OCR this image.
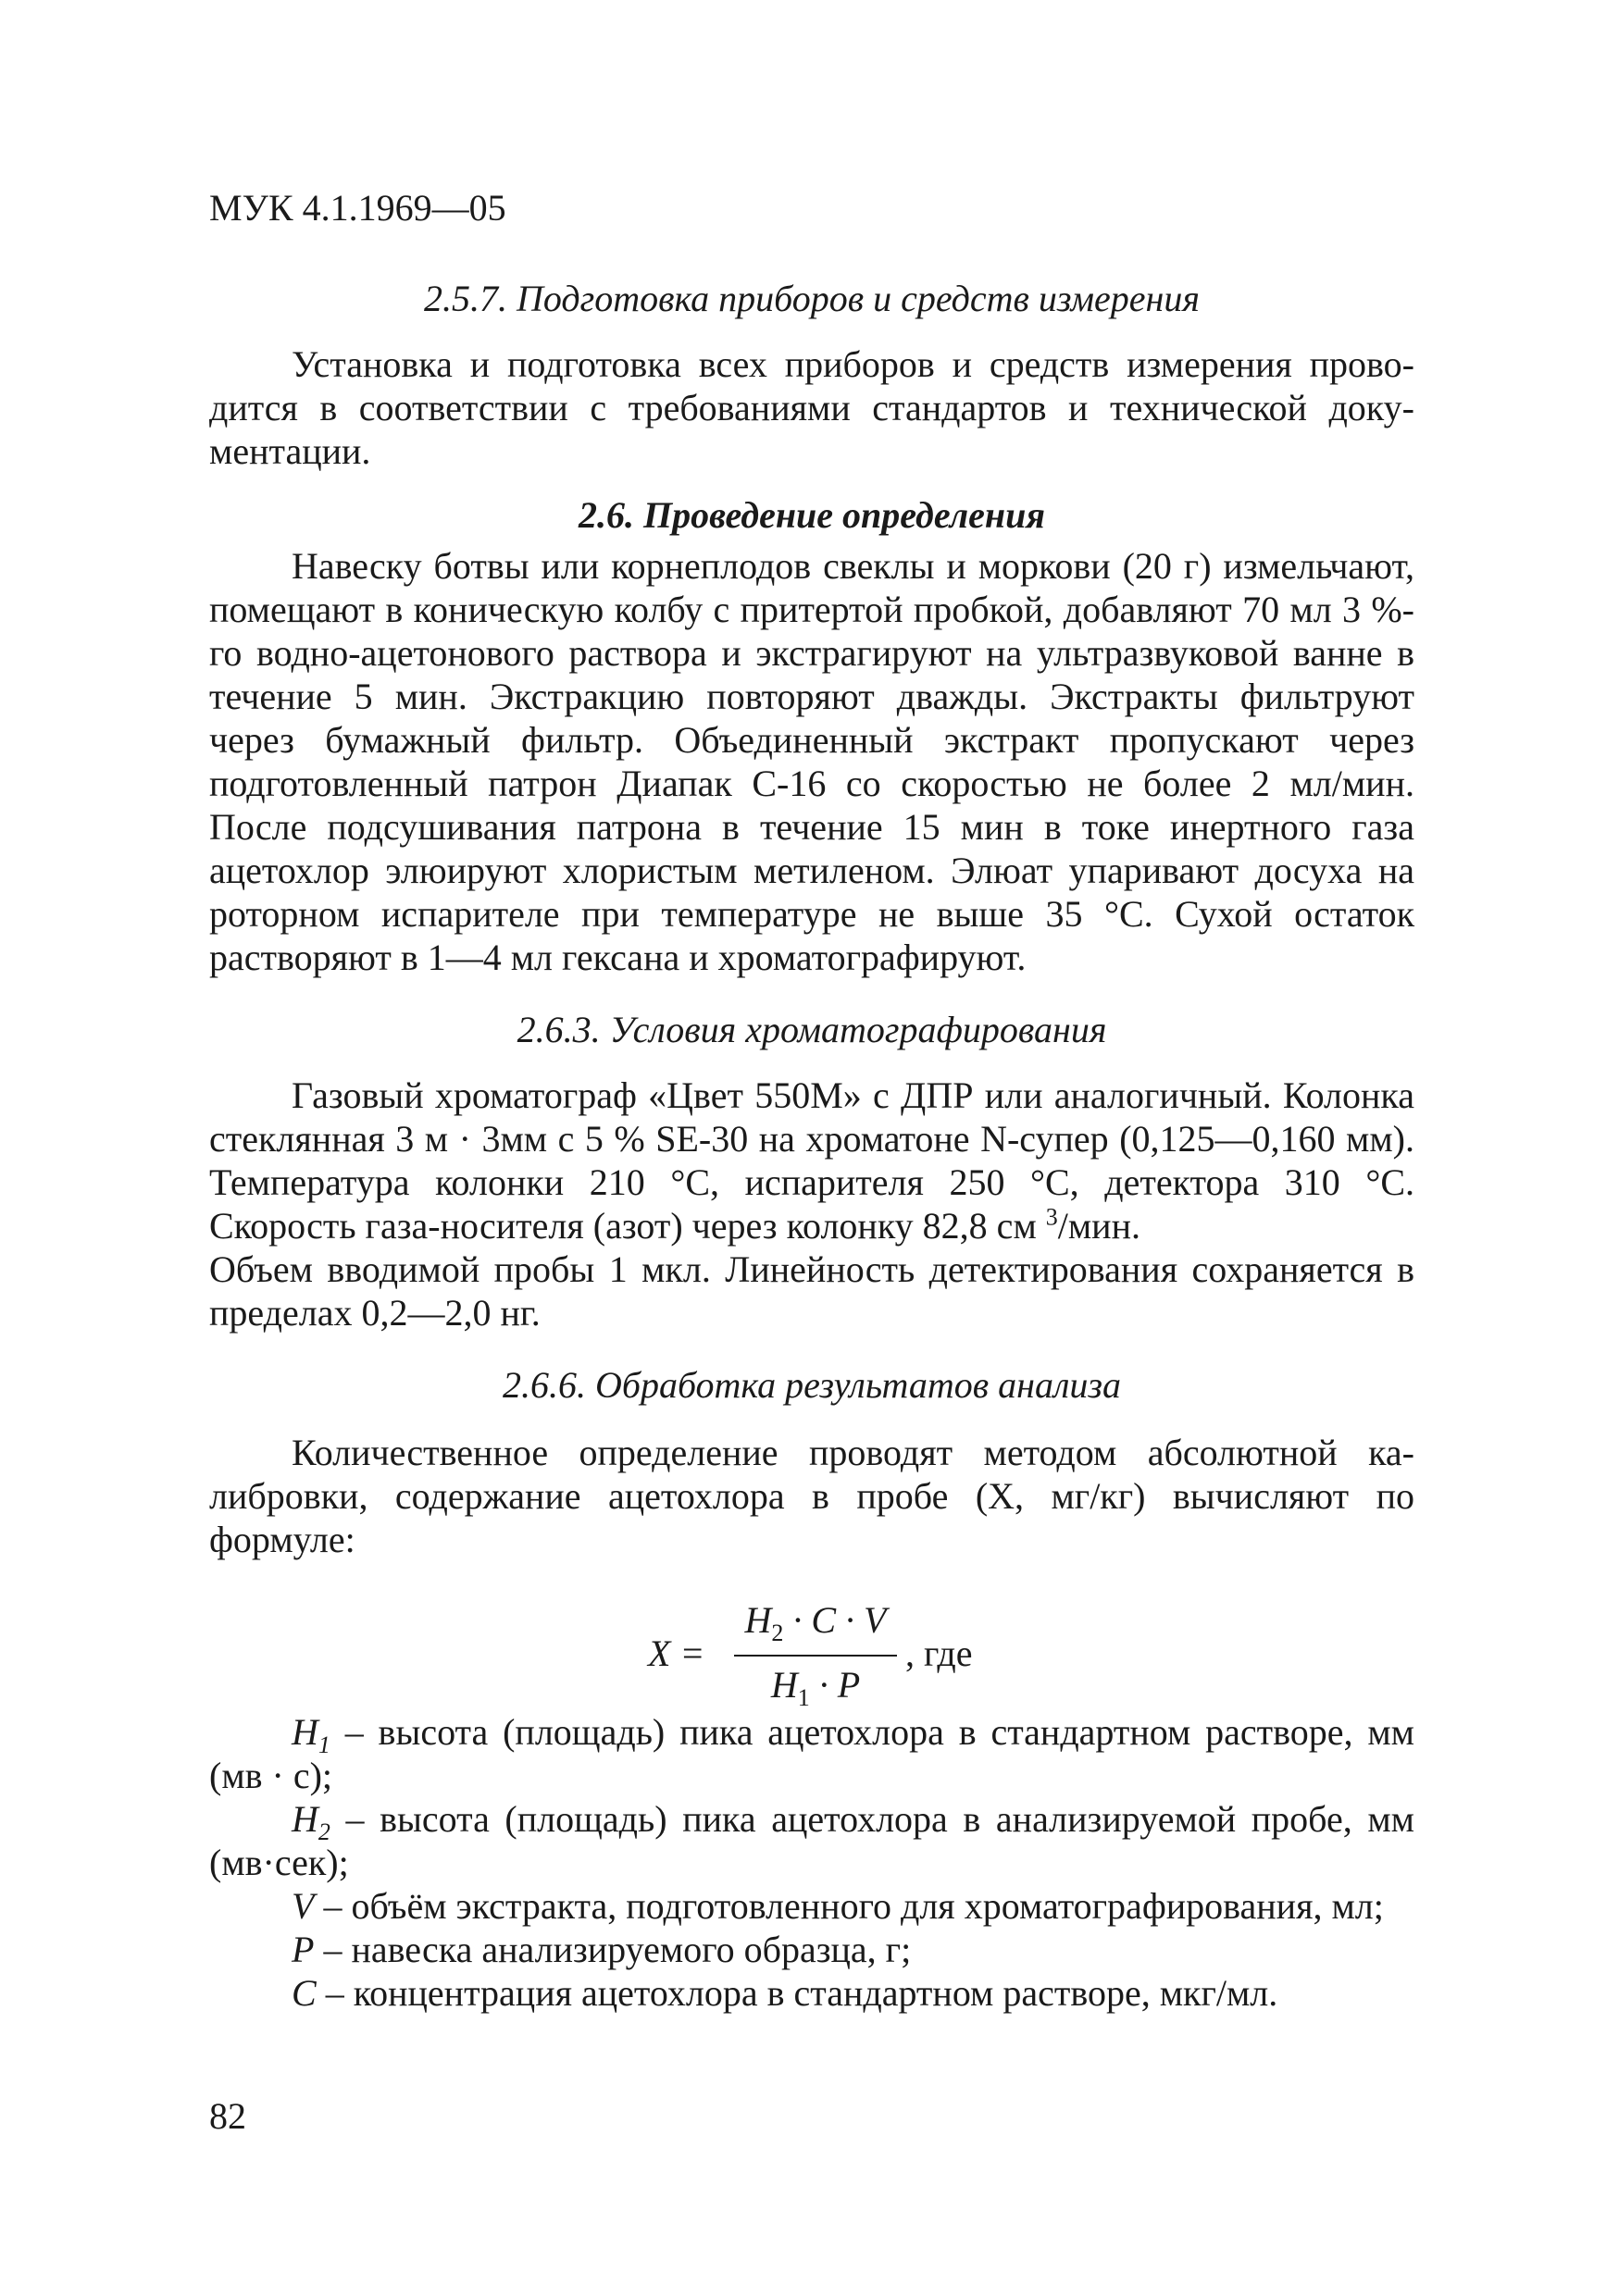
МУК 4.1.1969—05
2.5.7. Подготовка приборов и средств измерения
Установка и подготовка всех приборов и средств измерения проводится в соответствии с требованиями стандартов и технической документации.
2.6. Проведение определения
Навеску ботвы или корнеплодов свеклы и моркови (20 г) измельчают, помещают в коническую колбу с притертой пробкой, добавляют 70 мл 3 %-го водно-ацетонового раствора и экстрагируют на ультразвуковой ванне в течение 5 мин. Экстракцию повторяют дважды. Экстракты фильтруют через бумажный фильтр. Объединенный экстракт пропускают через подготовленный патрон Диапак С-16 со скоростью не более 2 мл/мин. После подсушивания патрона в течение 15 мин в токе инертного газа ацетохлор элюируют хлористым метиленом. Элюат упаривают досуха на роторном испарителе при температуре не выше 35 °С. Сухой остаток растворяют в 1—4 мл гексана и хроматографируют.
2.6.3. Условия хроматографирования
Газовый хроматограф «Цвет 550М» с ДПР или аналогичный. Колонка стеклянная 3 м · 3мм с 5 % SE-30 на хроматоне N-супер (0,125—0,160 мм). Температура колонки 210 °С, испарителя 250 °С, детектора 310 °С. Скорость газа-носителя (азот) через колонку 82,8 см $^3$/мин.
Объем вводимой пробы 1 мкл. Линейность детектирования сохраняется в пределах 0,2—2,0 нг.
2.6.6. Обработка результатов анализа
Количественное определение проводят методом абсолютной калибровки, содержание ацетохлора в пробе (Х, мг/кг) вычисляют по формуле:
X =
$H_2 \cdot C \cdot V$
$H_1 \cdot P$
, где

$H_1$ – высота (площадь) пика ацетохлора в стандартном растворе, мм (мв · с);

$H_2$ – высота (площадь) пика ацетохлора в анализируемой пробе, мм (мв·сек);

V – объём экстракта, подготовленного для хроматографирования, мл;

Р – навеска анализируемого образца, г;

С – концентрация ацетохлора в стандартном растворе, мкг/мл.

82
